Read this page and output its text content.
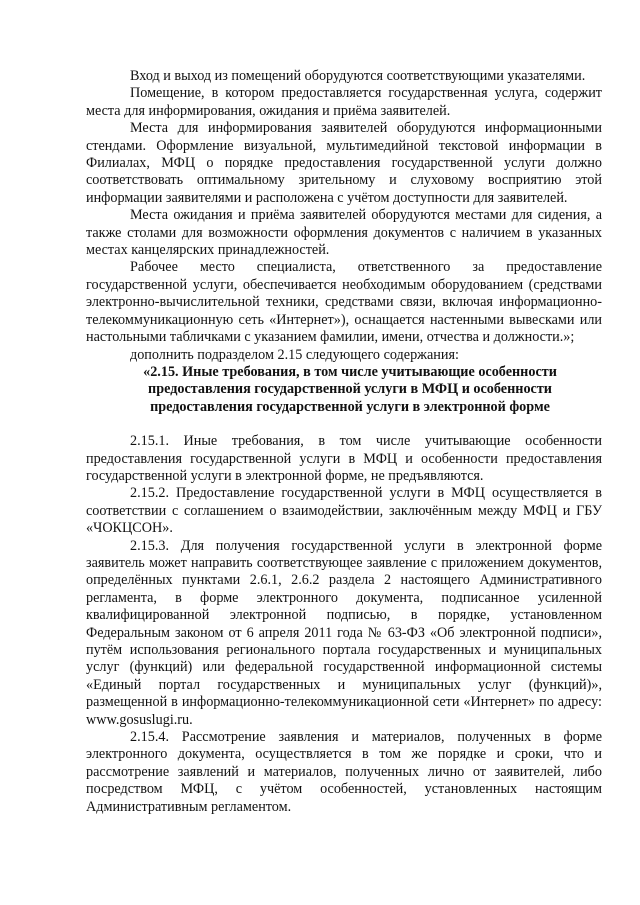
Вход и выход из помещений оборудуются соответствующими указателями.

Помещение, в котором предоставляется государственная услуга, содержит места для информирования, ожидания и приёма заявителей.

Места для информирования заявителей оборудуются информационными стендами. Оформление визуальной, мультимедийной текстовой информации в Филиалах, МФЦ о порядке предоставления государственной услуги должно соответствовать оптимальному зрительному и слуховому восприятию этой информации заявителями и расположена с учётом доступности для заявителей.

Места ожидания и приёма заявителей оборудуются местами для сидения, а также столами для возможности оформления документов с наличием в указанных местах канцелярских принадлежностей.

Рабочее место специалиста, ответственного за предоставление государственной услуги, обеспечивается необходимым оборудованием (средствами электронно-вычислительной техники, средствами связи, включая информационно-телекоммуникационную сеть «Интернет»), оснащается настенными вывесками или настольными табличками с указанием фамилии, имени, отчества и должности.»;

дополнить подразделом 2.15 следующего содержания:

«2.15. Иные требования, в том числе учитывающие особенности предоставления государственной услуги в МФЦ и особенности предоставления государственной услуги в электронной форме

2.15.1. Иные требования, в том числе учитывающие особенности предоставления государственной услуги в МФЦ и особенности предоставления государственной услуги в электронной форме, не предъявляются.

2.15.2. Предоставление государственной услуги в МФЦ осуществляется в соответствии с соглашением о взаимодействии, заключённым между МФЦ и ГБУ «ЧОКЦСОН».

2.15.3. Для получения государственной услуги в электронной форме заявитель может направить соответствующее заявление с приложением документов, определённых пунктами 2.6.1, 2.6.2 раздела 2 настоящего Административного регламента, в форме электронного документа, подписанное усиленной квалифицированной электронной подписью, в порядке, установленном Федеральным законом от 6 апреля 2011 года № 63-ФЗ «Об электронной подписи», путём использования регионального портала государственных и муниципальных услуг (функций) или федеральной государственной информационной системы «Единый портал государственных и муниципальных услуг (функций)», размещенной в информационно-телекоммуникационной сети «Интернет» по адресу: www.gosuslugi.ru.

2.15.4. Рассмотрение заявления и материалов, полученных в форме электронного документа, осуществляется в том же порядке и сроки, что и рассмотрение заявлений и материалов, полученных лично от заявителей, либо посредством МФЦ, с учётом особенностей, установленных настоящим Административным регламентом.
